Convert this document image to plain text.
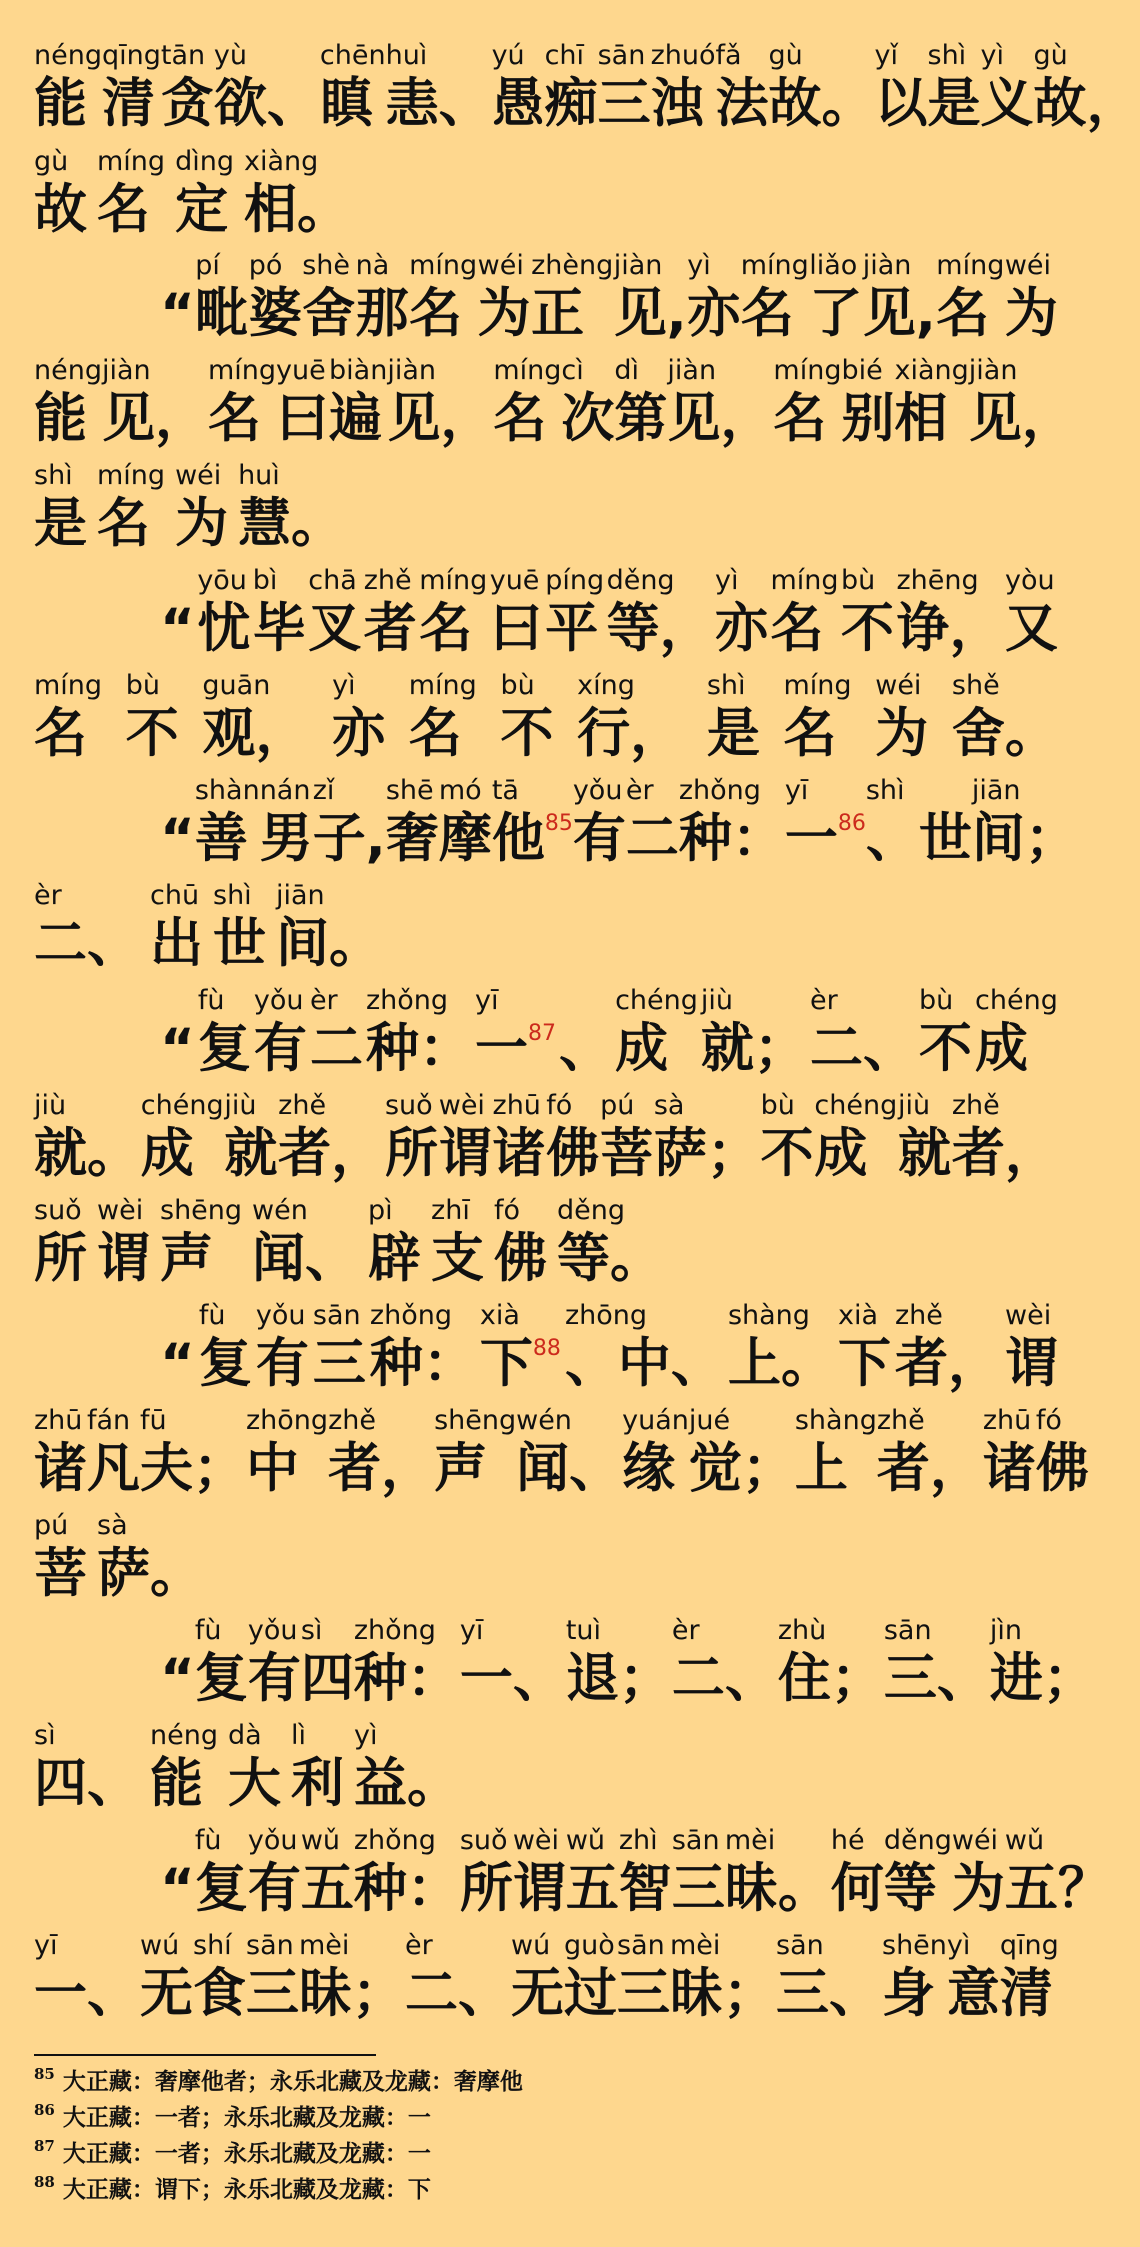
néng
能
qīng
清
tān
贪
yù
欲、
chēn
瞋
huì
恚、
yú
愚
chī
痴
sān
三
zhuó
浊
fǎ
法
gù
故。
yǐ
以
shì
是
yì
义
gù
故，
gù
故
míng
名
dìng
定
xiàng
相。
“
pí
毗
pó
婆
shè
舍
nà
那
míng
名
wéi
为
zhèng
正
jiàn
见,
yì
亦
míng
名
liǎo
了
jiàn
见,
míng
名
wéi
为
néng
能
jiàn
见，
míng
名
yuē
曰
biàn
遍
jiàn
见，
míng
名
cì
次
dì
第
jiàn
见，
míng
名
bié
别
xiàng
相
jiàn
见，
shì
是
míng
名
wéi
为
huì
慧。
“
yōu
忧
bì
毕
chā
叉
zhě
者
míng
名
yuē
曰
píng
平
děng
等，
yì
亦
míng
名
bù
不
zhēng
诤，
yòu
又
míng
名
bù
不
guān
观，
yì
亦
míng
名
bù
不
xíng
行，
shì
是
míng
名
wéi
为
shě
舍。
“
shàn
善
nán
男
zǐ
子,
shē
奢
mó
摩
tā
他$^{85}$
yǒu
有
èr
二
zhǒng
种：
yī
一$^{86}$
shì
、世
jiān
间；
èr
二、
chū
出
shì
世
jiān
间。
“
fù
复
yǒu
有
èr
二
zhǒng
种：
yī
一$^{87}$ 、
chéng
成
jiù
就；
èr
二、
bù
不
chéng
成
jiù
就。
chéng
成
jiù
就
zhě
者，
suǒ
所
wèi
谓
zhū
诸
fó
佛
pú
菩
sà
萨；
bù
不
chéng
成
jiù
就
zhě
者，
suǒ
所
wèi
谓
shēng
声
wén
闻、
pì
辟
zhī
支
fó
佛
děng
等。
“
fù
复
yǒu
有
sān
三
zhǒng
种：
xià
下$^{88}$
zhōng
、中、
shàng
上。
xià
下
zhě
者，
wèi
谓
zhū
诸
fán
凡
fū
夫；
zhōng
中
zhě
者，
shēng
声
wén
闻、
yuán
缘
jué
觉；
shàng
上
zhě
者，
zhū
诸
fó
佛
pú
菩
sà
萨。
“
fù
复
yǒu
有
sì
四
zhǒng
种：
yī
一、
tuì
退；
èr
二、
zhù
住；
sān
三、
jìn
进；
sì
四、
néng
能
dà
大
lì
利
yì
益。
“
fù
复
yǒu
有
wǔ
五
zhǒng
种：
suǒ
所
wèi
谓
wǔ
五
zhì
智
sān
三
mèi
昧。
hé
何
děng
等
wéi
为
wǔ
五？
yī
一、
wú
无
shí
食
sān
三
mèi
昧；
èr
二、
wú
无
guò
过
sān
三
mèi
昧；
sān
三、
shēn
身
yì
意
qīng
清
$^{85}$ 大正藏：奢摩他者；永乐北藏及龙藏：奢摩他
$^{86}$ 大正藏：一者；永乐北藏及龙藏：一
$^{87}$ 大正藏：一者；永乐北藏及龙藏：一
$^{88}$ 大正藏：谓下；永乐北藏及龙藏：下
